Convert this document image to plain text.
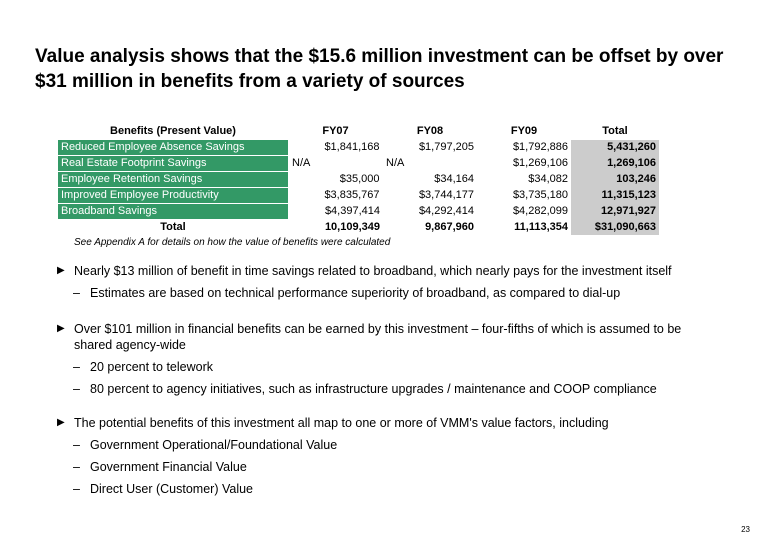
Value analysis shows that the $15.6 million investment can be offset by over $31 million in benefits from a variety of sources
Benefits (Present Value)	FY07	FY08	FY09	Total
Reduced Employee Absence Savings	$1,841,168	$1,797,205	$1,792,886	5,431,260
Real Estate Footprint Savings	N/A	N/A	$1,269,106	1,269,106
Employee Retention Savings	$35,000	$34,164	$34,082	103,246
Improved Employee Productivity	$3,835,767	$3,744,177	$3,735,180	11,315,123
Broadband Savings	$4,397,414	$4,292,414	$4,282,099	12,971,927
Total	10,109,349	9,867,960	11,113,354	$31,090,663
See Appendix A for details on how the value of benefits were calculated
▶ Nearly $13 million of benefit in time savings related to broadband, which nearly pays for the investment itself
– Estimates are based on technical performance superiority of broadband, as compared to dial-up
▶ Over $101 million in financial benefits can be earned by this investment – four-fifths of which is assumed to be shared agency-wide
– 20 percent to telework
– 80 percent to agency initiatives, such as infrastructure upgrades / maintenance and COOP compliance
▶ The potential benefits of this investment all map to one or more of VMM's value factors, including
– Government Operational/Foundational Value
– Government Financial Value
– Direct User (Customer) Value
23
